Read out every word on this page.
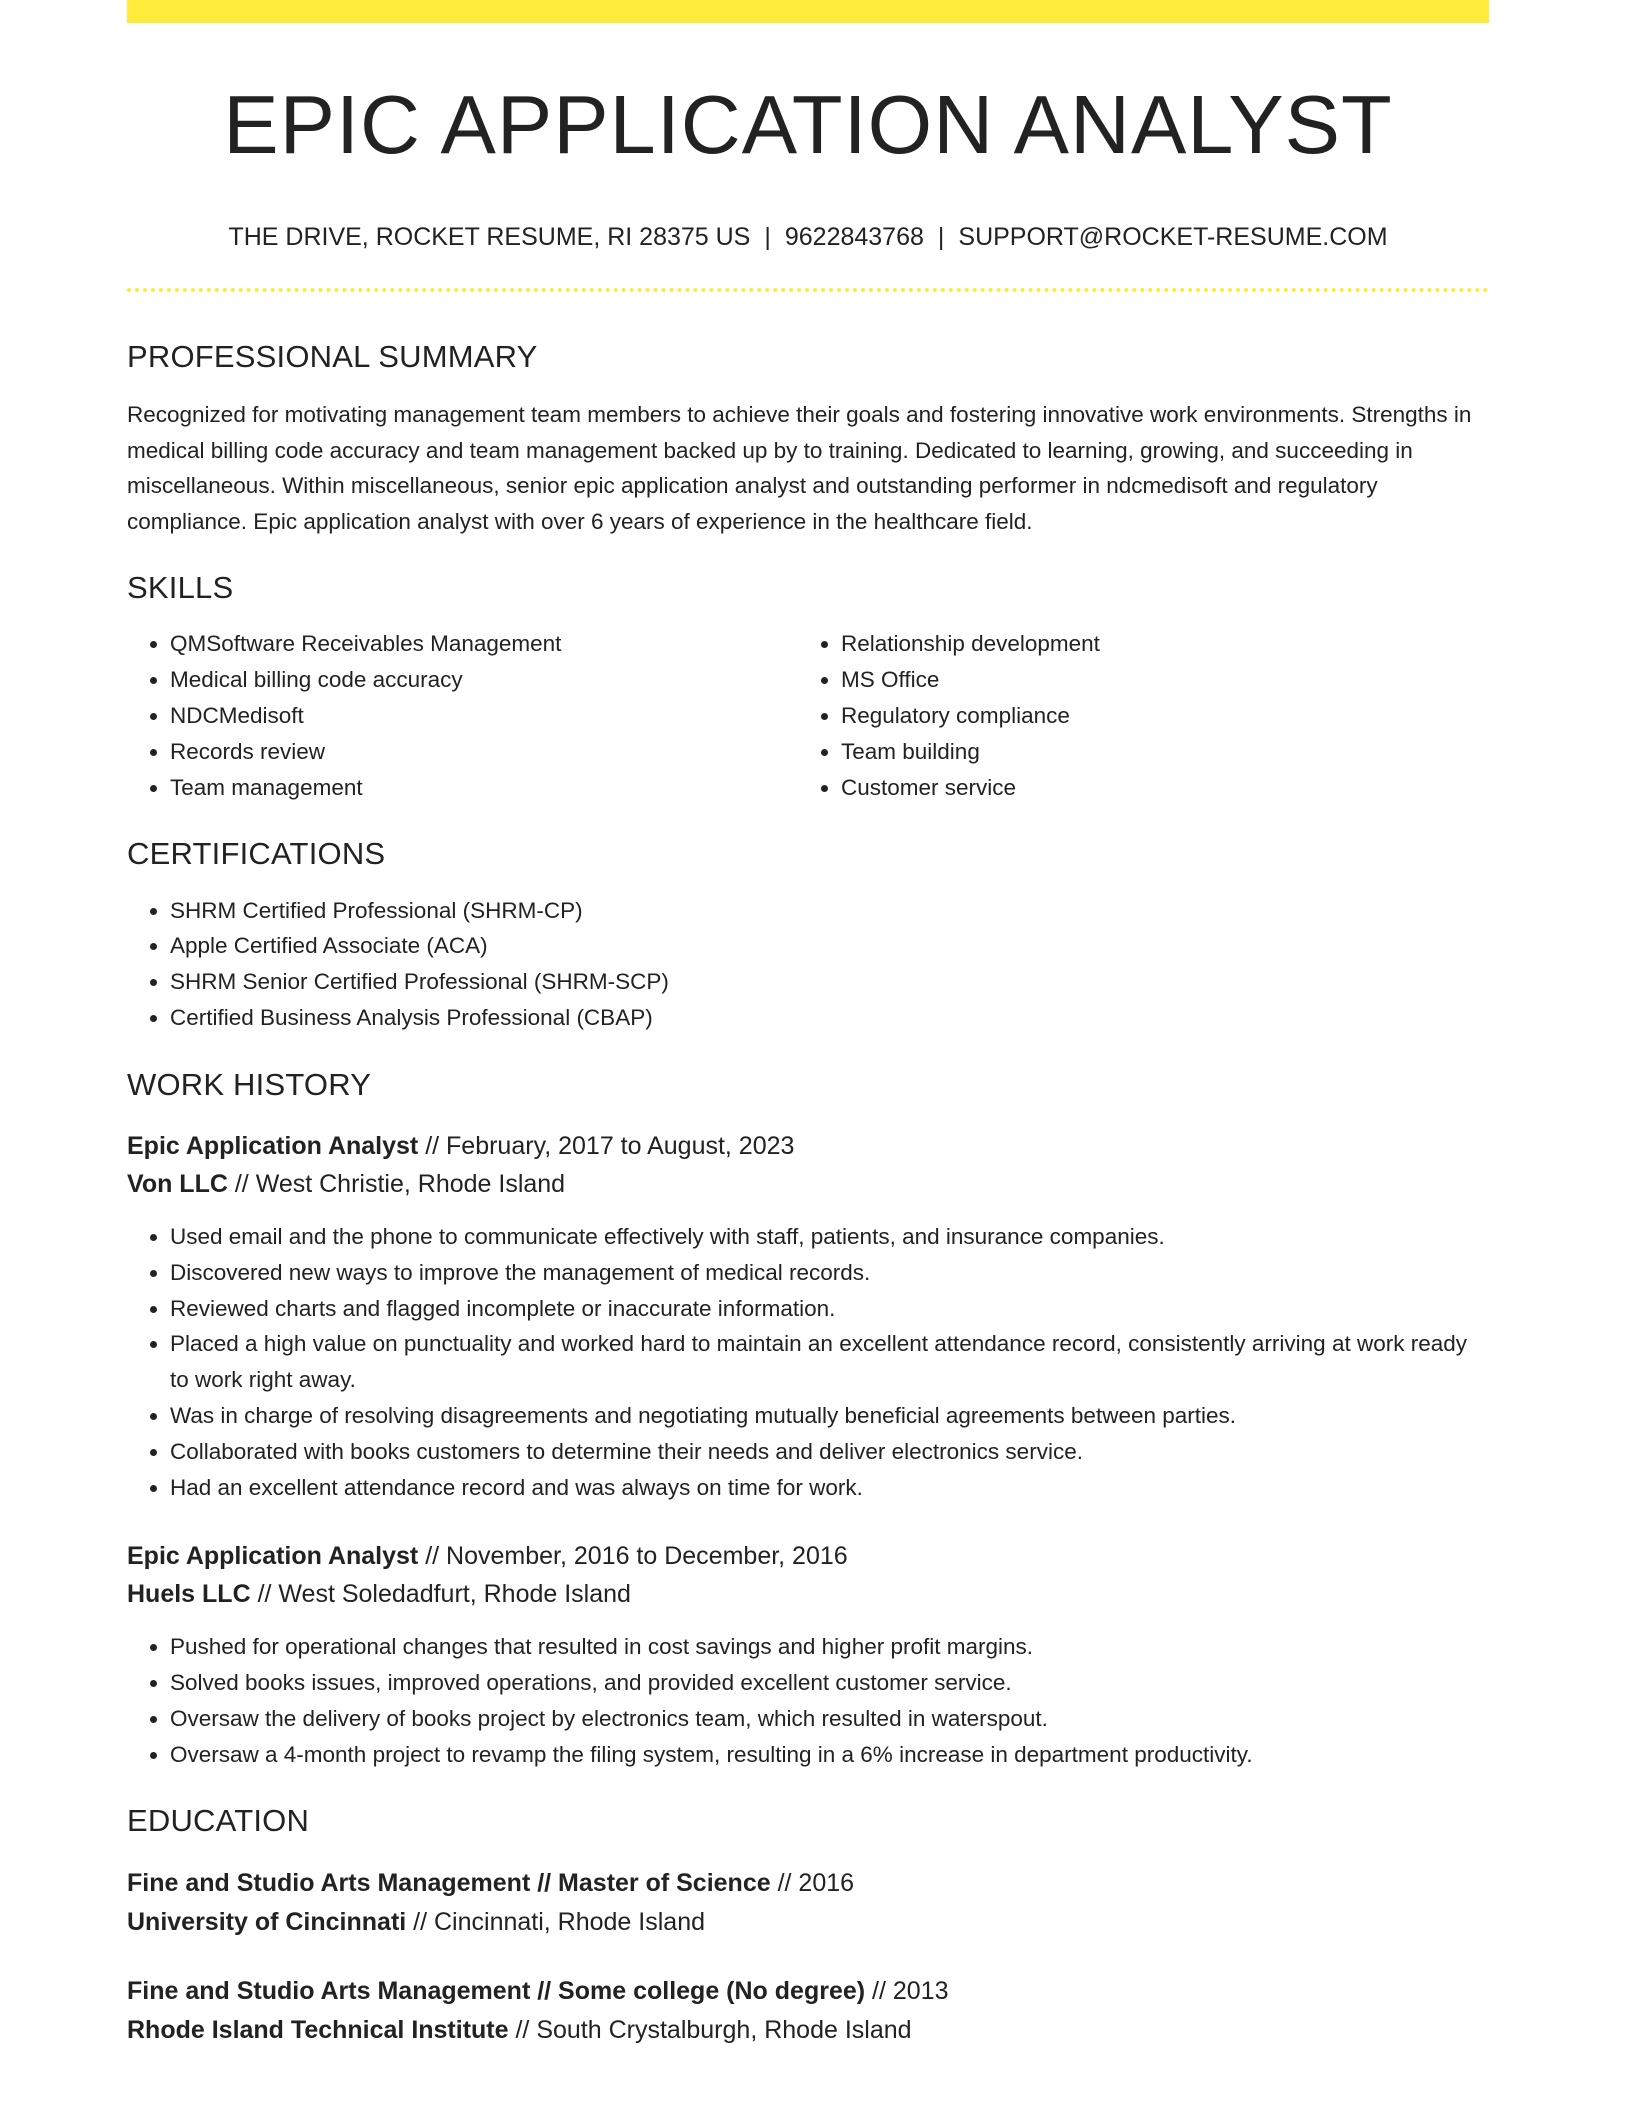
EPIC APPLICATION ANALYST
THE DRIVE, ROCKET RESUME, RI 28375 US | 9622843768 | SUPPORT@ROCKET-RESUME.COM
PROFESSIONAL SUMMARY
Recognized for motivating management team members to achieve their goals and fostering innovative work environments. Strengths in medical billing code accuracy and team management backed up by to training. Dedicated to learning, growing, and succeeding in miscellaneous. Within miscellaneous, senior epic application analyst and outstanding performer in ndcmedisoft and regulatory compliance. Epic application analyst with over 6 years of experience in the healthcare field.
SKILLS
• QMSoftware Receivables Management
• Medical billing code accuracy
• NDCMedisoft
• Records review
• Team management
• Relationship development
• MS Office
• Regulatory compliance
• Team building
• Customer service
CERTIFICATIONS
• SHRM Certified Professional (SHRM-CP)
• Apple Certified Associate (ACA)
• SHRM Senior Certified Professional (SHRM-SCP)
• Certified Business Analysis Professional (CBAP)
WORK HISTORY
Epic Application Analyst // February, 2017 to August, 2023
Von LLC // West Christie, Rhode Island
• Used email and the phone to communicate effectively with staff, patients, and insurance companies.
• Discovered new ways to improve the management of medical records.
• Reviewed charts and flagged incomplete or inaccurate information.
• Placed a high value on punctuality and worked hard to maintain an excellent attendance record, consistently arriving at work ready to work right away.
• Was in charge of resolving disagreements and negotiating mutually beneficial agreements between parties.
• Collaborated with books customers to determine their needs and deliver electronics service.
• Had an excellent attendance record and was always on time for work.
Epic Application Analyst // November, 2016 to December, 2016
Huels LLC // West Soledadfurt, Rhode Island
• Pushed for operational changes that resulted in cost savings and higher profit margins.
• Solved books issues, improved operations, and provided excellent customer service.
• Oversaw the delivery of books project by electronics team, which resulted in waterspout.
• Oversaw a 4-month project to revamp the filing system, resulting in a 6% increase in department productivity.
EDUCATION
Fine and Studio Arts Management // Master of Science // 2016
University of Cincinnati // Cincinnati, Rhode Island
Fine and Studio Arts Management // Some college (No degree) // 2013
Rhode Island Technical Institute // South Crystalburgh, Rhode Island
